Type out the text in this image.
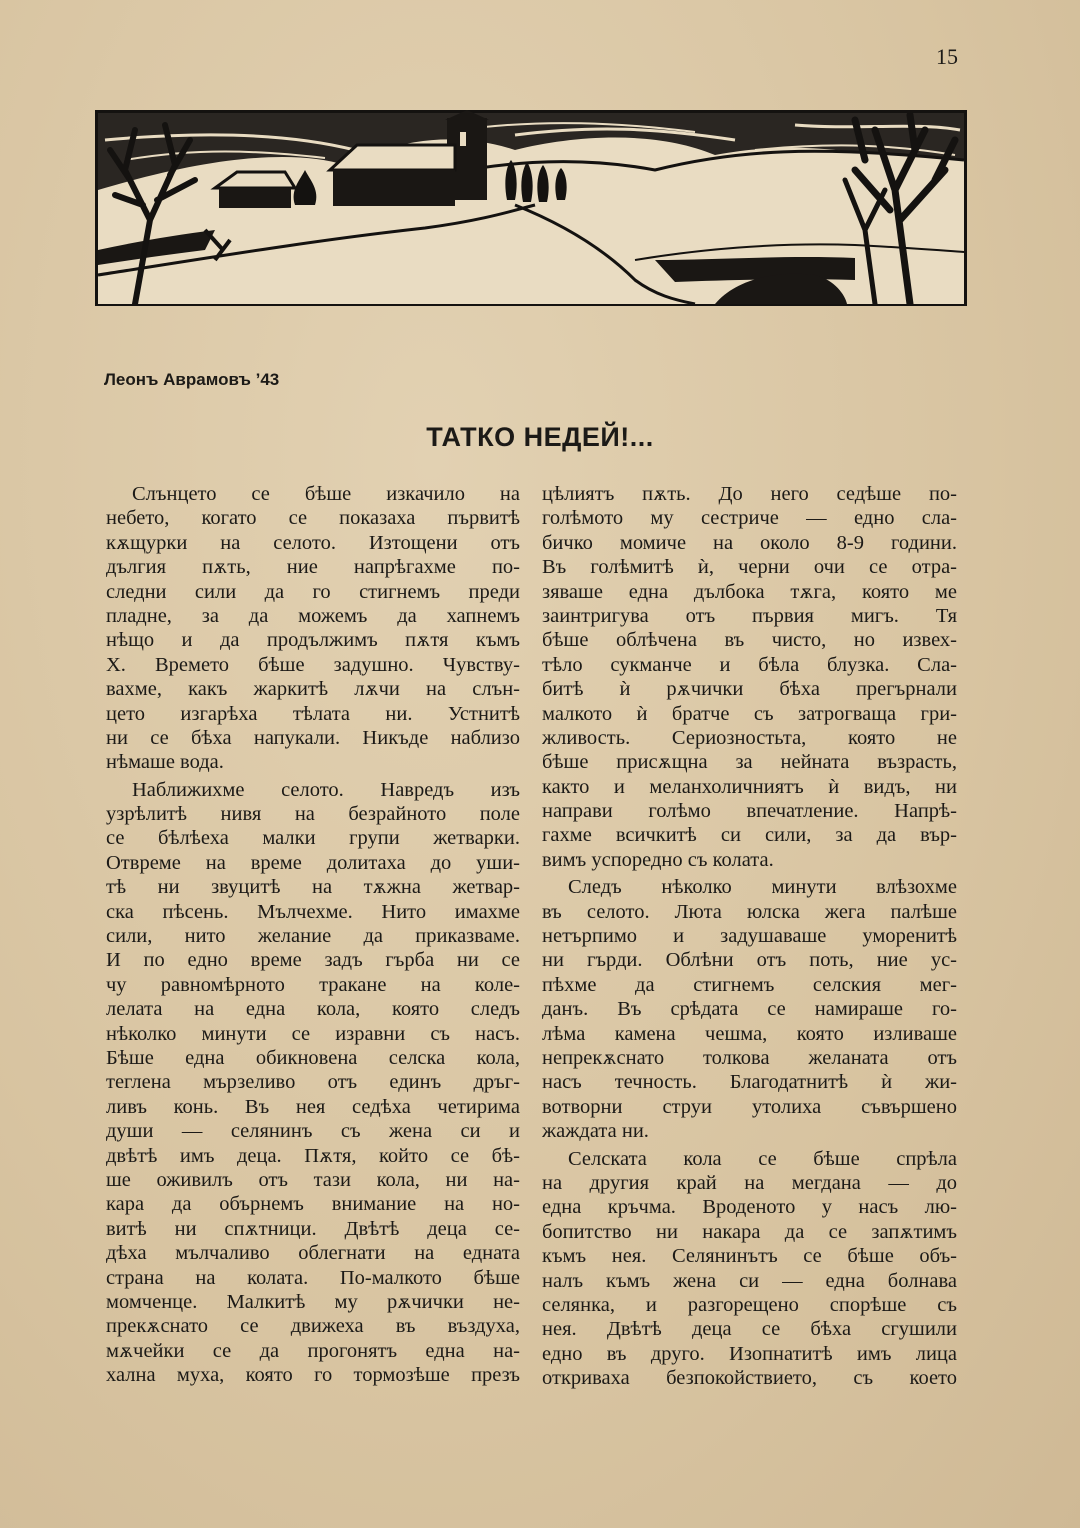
15
Леонъ Аврамовъ ’43
ТАТКО НЕДЕЙ!...
Слънцето се бѣше изкачило на
небето, когато се показаха първитѣ
кѫщурки на селото. Изтощени отъ
дългия пѫть, ние напрѣгахме по-
следни сили да го стигнемъ преди
пладне, за да можемъ да хапнемъ
нѣщо и да продължимъ пѫтя къмъ
Х. Времето бѣше задушно. Чувству-
вахме, какъ жаркитѣ лѫчи на слън-
цето изгарѣха тѣлата ни. Устнитѣ
ни се бѣха напукали. Никъде наблизо
нѣмаше вода.
Наближихме селото. Навредъ изъ
узрѣлитѣ нивя на безрайното поле
се бѣлѣеха малки групи жетварки.
Отвреме на време долитаха до уши-
тѣ ни звуцитѣ на тѫжна жетвар-
ска пѣсень. Мълчехме. Нито имахме
сили, нито желание да приказваме.
И по едно време задъ гърба ни се
чу равномѣрното тракане на коле-
лелата на една кола, която следъ
нѣколко минути се изравни съ насъ.
Бѣше една обикновена селска кола,
теглена мързеливо отъ единъ дръг-
ливъ конь. Въ нея седѣха четирима
души — селянинъ съ жена си и
двѣтѣ имъ деца. Пѫтя, който се бѣ-
ше оживилъ отъ тази кола, ни на-
кара да обърнемъ внимание на но-
витѣ ни спѫтници. Двѣтѣ деца се-
дѣха мълчаливо облегнати на едната
страна на колата. По-малкото бѣше
момченце. Малкитѣ му рѫчички не-
прекѫснато се движеха въ въздуха,
мѫчейки се да прогонятъ една на-
хална муха, която го тормозѣше презъ
цѣлиятъ пѫть. До него седѣше по-
голѣмото му сестриче — едно сла-
бичко момиче на около 8-9 години.
Въ голѣмитѣ ѝ, черни очи се отра-
зяваше една дълбока тѫга, която ме
заинтригува отъ първия мигъ. Тя
бѣше облѣчена въ чисто, но извех-
тѣло сукманче и бѣла блузка. Сла-
битѣ ѝ рѫчички бѣха прегърнали
малкото ѝ братче съ затрогваща гри-
жливость. Сериозностьта, която не
бѣше присѫщна за нейната възрасть,
както и меланхоличниятъ ѝ видъ, ни
направи голѣмо впечатление. Напрѣ-
гахме всичкитѣ си сили, за да вър-
вимъ успоредно съ колата.
Следъ нѣколко минути влѣзохме
въ селото. Люта юлска жега палѣше
нетърпимо и задушаваше уморенитѣ
ни гърди. Облѣни отъ поть, ние ус-
пѣхме да стигнемъ селския мег-
данъ. Въ срѣдата се намираше го-
лѣма камена чешма, която изливаше
непрекѫснато толкова желаната отъ
насъ течность. Благодатнитѣ ѝ жи-
вотворни струи утолиха съвършено
жаждата ни.
Селската кола се бѣше спрѣла
на другия край на мегдана — до
една кръчма. Вроденото у насъ лю-
бопитство ни накара да се запѫтимъ
къмъ нея. Селянинътъ се бѣше объ-
налъ къмъ жена си — една болнава
селянка, и разгорещено спорѣше съ
нея. Двѣтѣ деца се бѣха сгушили
едно въ друго. Изопнатитѣ имъ лица
откриваха безпокойствието, съ което
